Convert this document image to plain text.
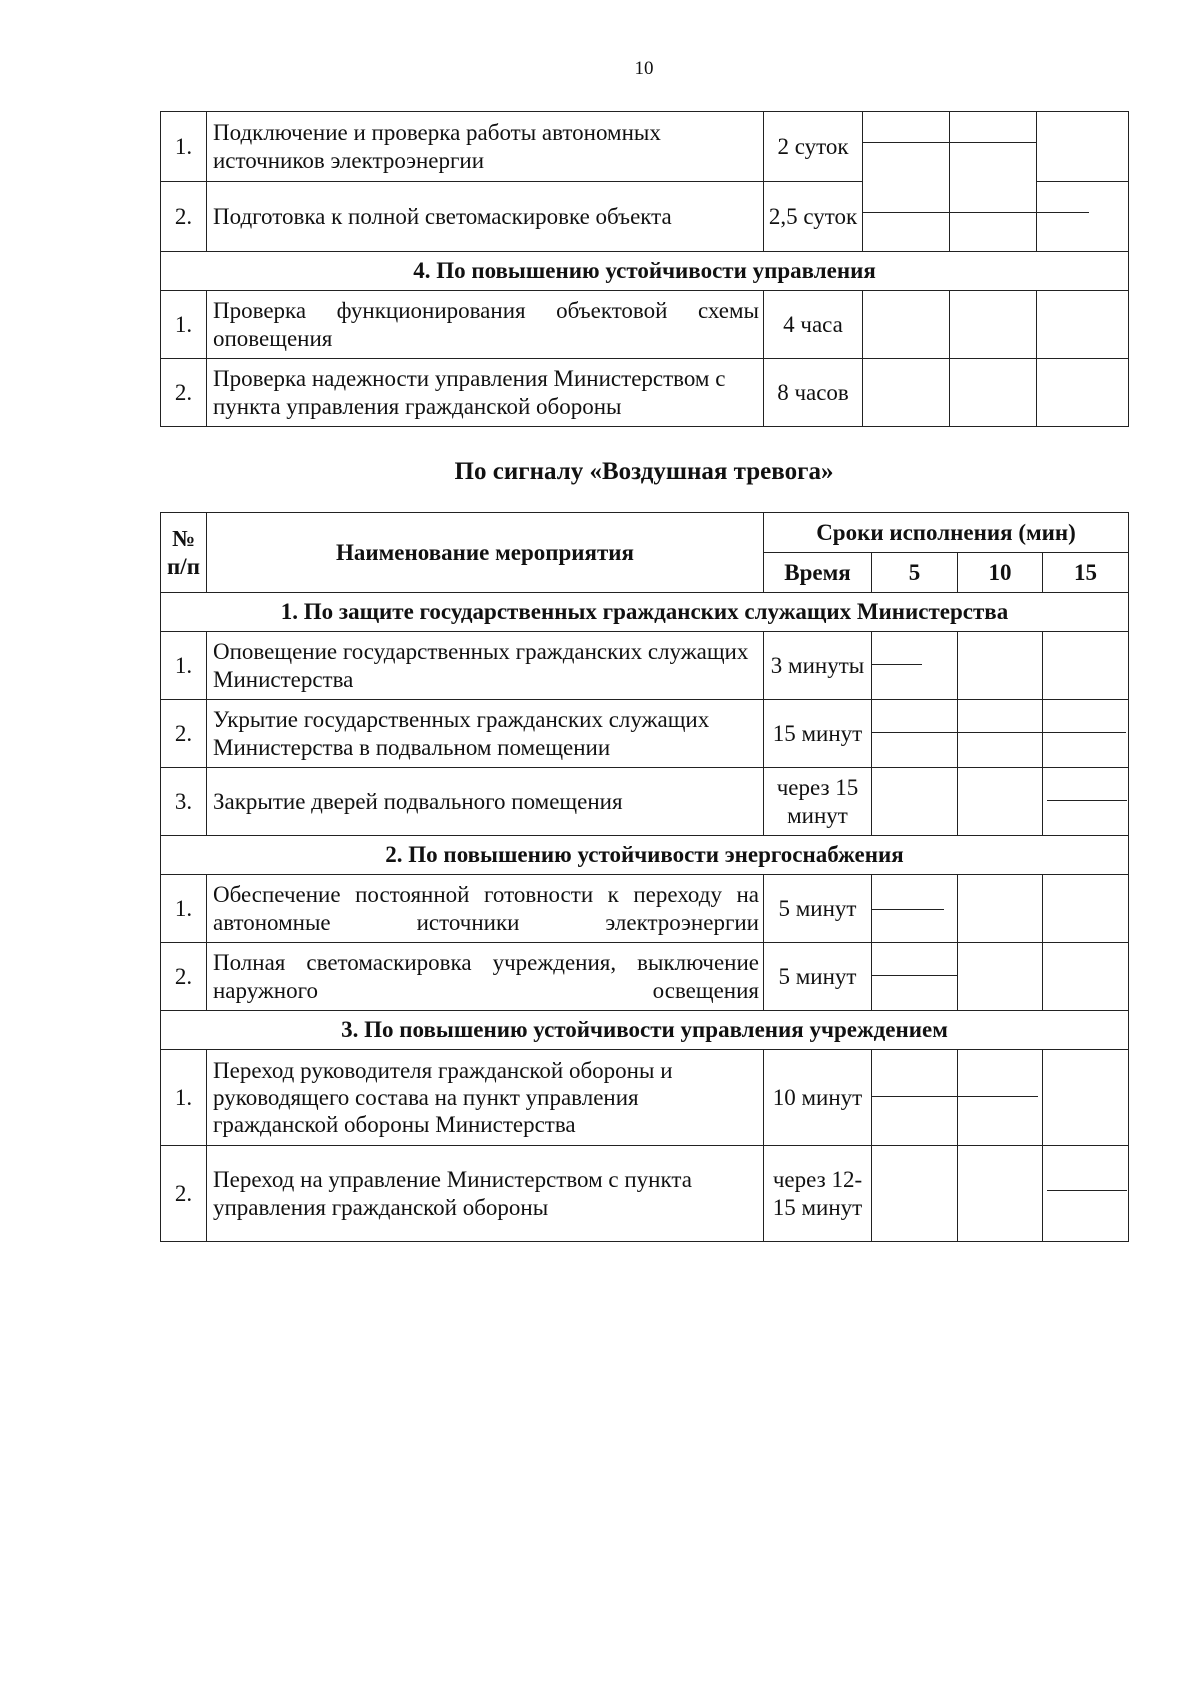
10
1.	Подключение и проверка работы автономных источников электроэнергии	2 суток	

2.	Подготовка к полной светомаскировке объекта	2,5 суток	

4. По повышению устойчивости управления					
1.	Проверка функционирования объектовой схемы оповещения	4 часа			
2.	Проверка надежности управления Министерством с пункта управления гражданской обороны	8 часов			
По сигналу «Воздушная тревога»
№ п/п	Наименование мероприятия	Сроки исполнения (мин)			
		Время	5	10	15
1. По защите государственных гражданских служащих Министерства					
1.	Оповещение государственных гражданских служащих Министерства	3 минуты	

2.	Укрытие государственных гражданских служащих Министерства в подвальном помещении	15 минут	

3.	Закрытие дверей подвального помещения	через 15 минут			

2. По повышению устойчивости энергоснабжения					
1.	Обеспечение постоянной готовности к переходу на автономные источники электроэнергии	5 минут	

2.	Полная светомаскировка учреждения, выключение наружного освещения	5 минут	

3. По повышению устойчивости управления учреждением					
1.	Переход руководителя гражданской обороны и руководящего состава на пункт управления гражданской обороны Министерства	10 минут	

2.	Переход на управление Министерством с пункта управления гражданской обороны	через 12-15 минут			
